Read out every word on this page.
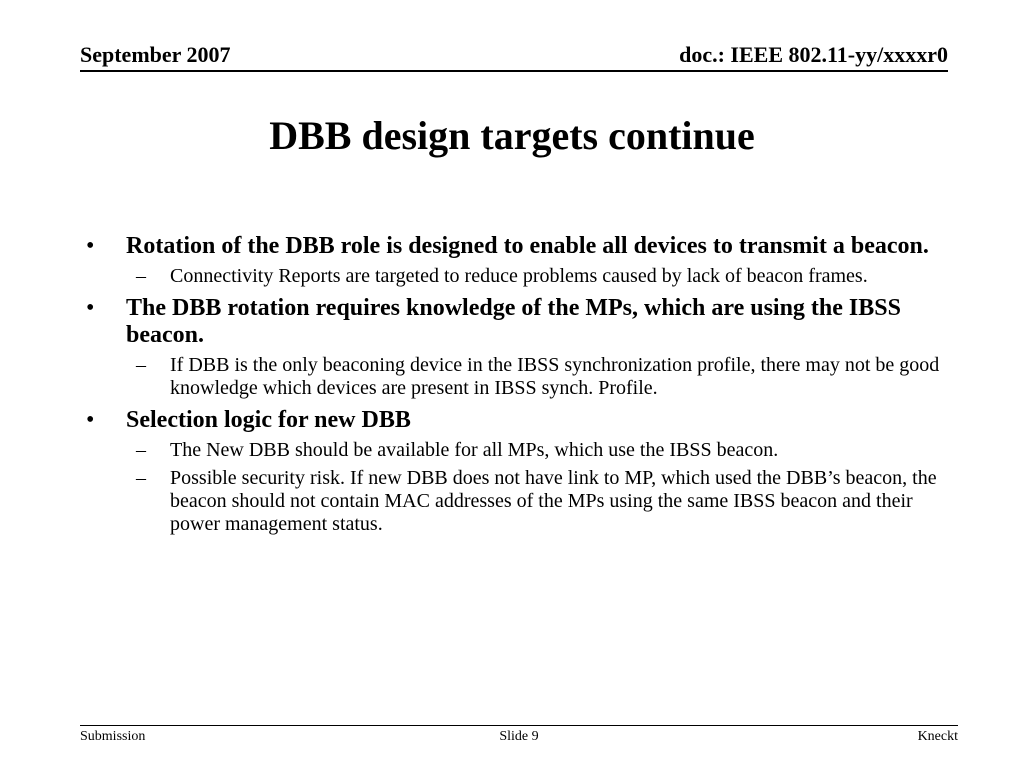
September 2007	doc.: IEEE 802.11-yy/xxxxr0
DBB design targets continue
• Rotation of the DBB role is designed to enable all devices to transmit a beacon.
– Connectivity Reports are targeted to reduce problems caused by lack of beacon frames.
• The DBB rotation requires knowledge of the MPs, which are using the IBSS beacon.
– If DBB is the only beaconing device in the IBSS synchronization profile, there may not be good knowledge which devices are present in IBSS synch. Profile.
• Selection logic for new DBB
– The New DBB should be available for all MPs, which use the IBSS beacon.
– Possible security risk. If new DBB does not have link to MP, which used the DBB’s beacon, the beacon should not contain MAC addresses of the MPs using the same IBSS beacon and their power management status.
Submission	Slide 9	Kneckt
